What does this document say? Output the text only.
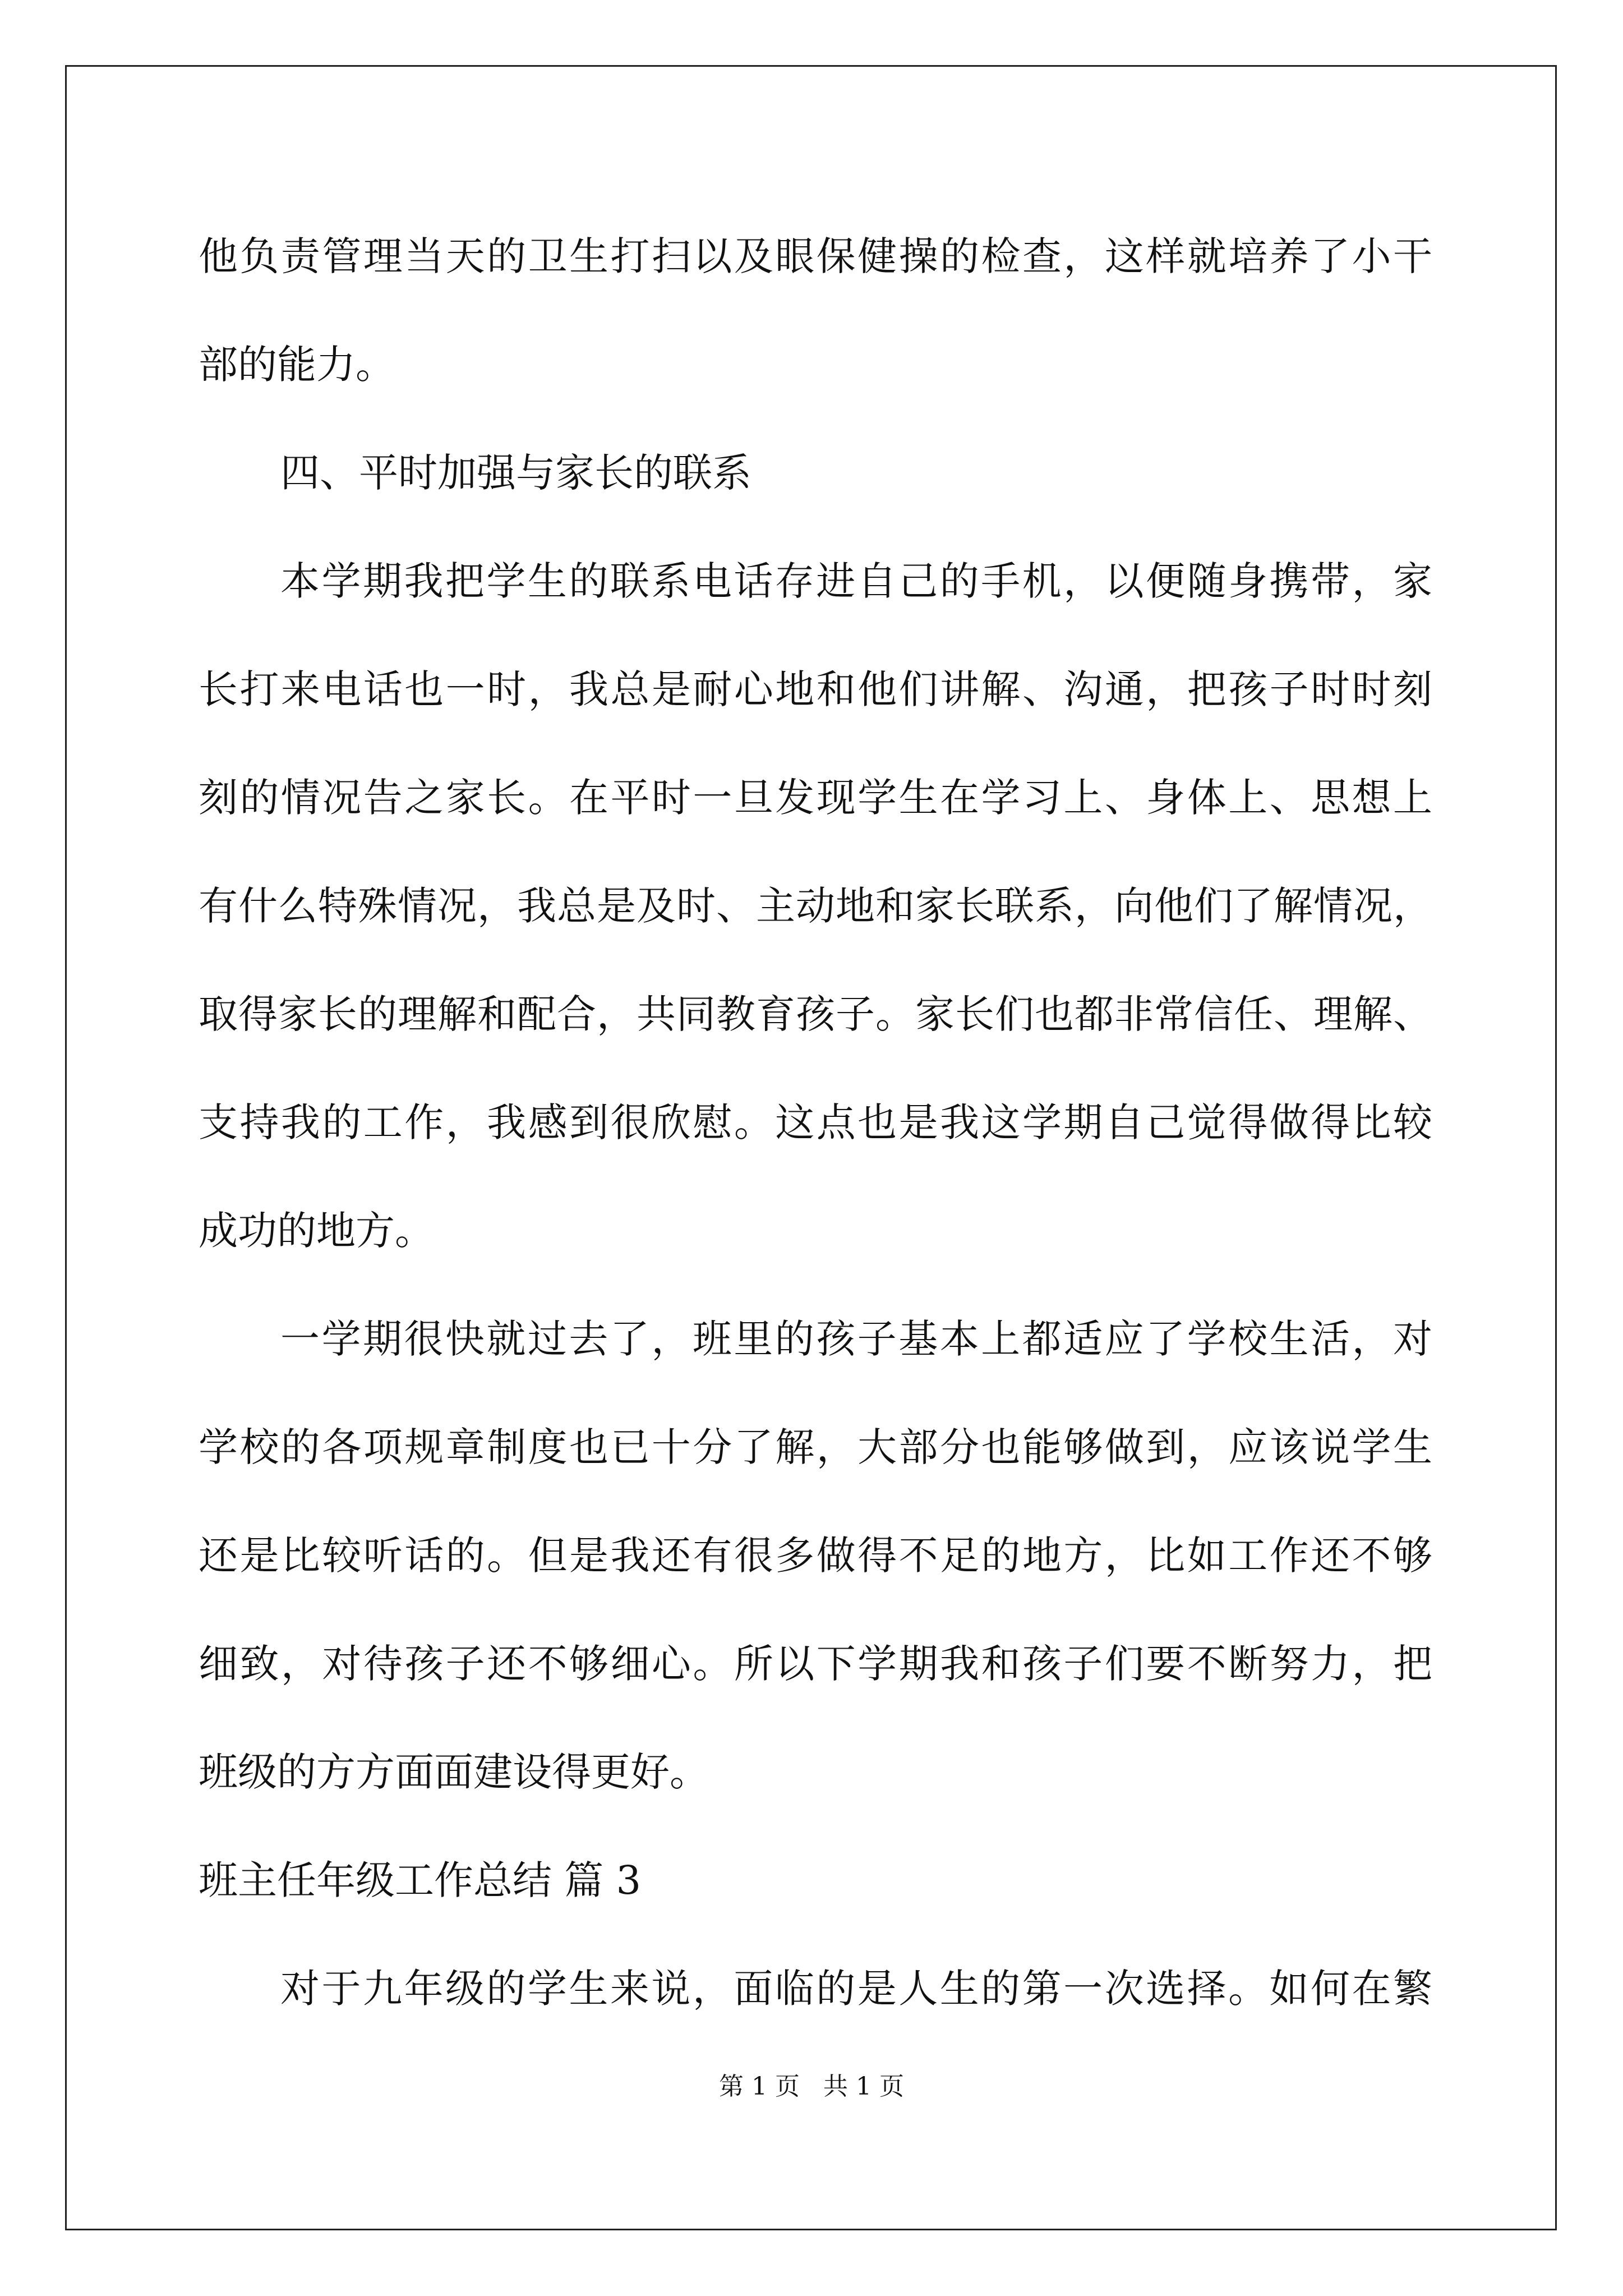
他负责管理当天的卫生打扫以及眼保健操的检查，这样就培养了小干
部的能力。
四、平时加强与家长的联系
本学期我把学生的联系电话存进自己的手机，以便随身携带，家
长打来电话也一时，我总是耐心地和他们讲解、沟通，把孩子时时刻
刻的情况告之家长。在平时一旦发现学生在学习上、身体上、思想上
有什么特殊情况，我总是及时、主动地和家长联系，向他们了解情况，
取得家长的理解和配合，共同教育孩子。家长们也都非常信任、理解、
支持我的工作，我感到很欣慰。这点也是我这学期自己觉得做得比较
成功的地方。
一学期很快就过去了，班里的孩子基本上都适应了学校生活，对
学校的各项规章制度也已十分了解，大部分也能够做到，应该说学生
还是比较听话的。但是我还有很多做得不足的地方，比如工作还不够
细致，对待孩子还不够细心。所以下学期我和孩子们要不断努力，把
班级的方方面面建设得更好。
班主任年级工作总结 篇 3
对于九年级的学生来说，面临的是人生的第一次选择。如何在繁
第 1 页   共 1 页
